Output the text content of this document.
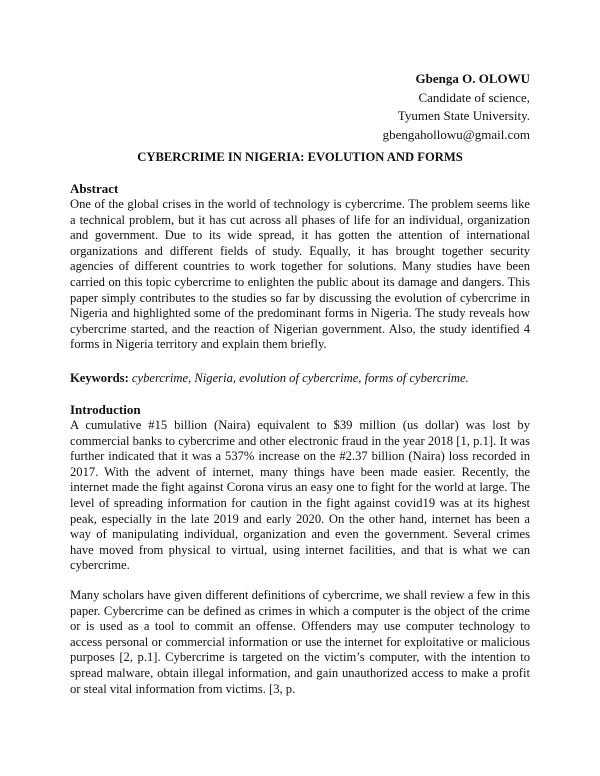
Gbenga O. OLOWU
Candidate of science,
Tyumen State University.
gbengahollowu@gmail.com
CYBERCRIME IN NIGERIA: EVOLUTION AND FORMS
Abstract

One of the global crises in the world of technology is cybercrime. The problem seems like a technical problem, but it has cut across all phases of life for an individual, organization and government. Due to its wide spread, it has gotten the attention of international organizations and different fields of study. Equally, it has brought together security agencies of different countries to work together for solutions. Many studies have been carried on this topic cybercrime to enlighten the public about its damage and dangers. This paper simply contributes to the studies so far by discussing the evolution of cybercrime in Nigeria and highlighted some of the predominant forms in Nigeria. The study reveals how cybercrime started, and the reaction of Nigerian government. Also, the study identified 4 forms in Nigeria territory and explain them briefly.

Keywords: cybercrime, Nigeria, evolution of cybercrime, forms of cybercrime.
Introduction

A cumulative #15 billion (Naira) equivalent to $39 million (us dollar) was lost by commercial banks to cybercrime and other electronic fraud in the year 2018 [1, p.1]. It was further indicated that it was a 537% increase on the #2.37 billion (Naira) loss recorded in 2017. With the advent of internet, many things have been made easier. Recently, the internet made the fight against Corona virus an easy one to fight for the world at large. The level of spreading information for caution in the fight against covid19 was at its highest peak, especially in the late 2019 and early 2020. On the other hand, internet has been a way of manipulating individual, organization and even the government. Several crimes have moved from physical to virtual, using internet facilities, and that is what we can cybercrime.

Many scholars have given different definitions of cybercrime, we shall review a few in this paper. Cybercrime can be defined as crimes in which a computer is the object of the crime or is used as a tool to commit an offense. Offenders may use computer technology to access personal or commercial information or use the internet for exploitative or malicious purposes [2, p.1]. Cybercrime is targeted on the victim’s computer, with the intention to spread malware, obtain illegal information, and gain unauthorized access to make a profit or steal vital information from victims. [3, p.
